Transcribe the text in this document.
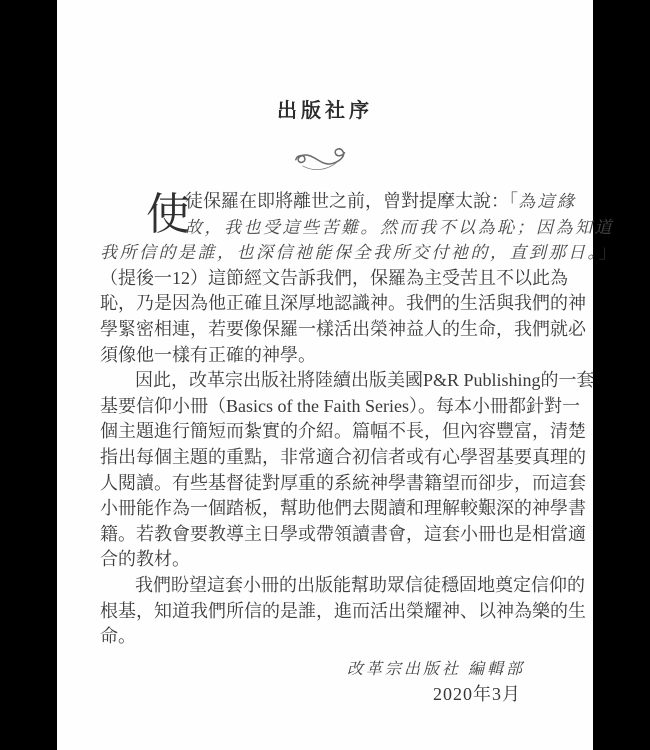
出版社序
使
徒保羅在即將離世之前，曾對提摩太說：「為這緣
故，我也受這些苦難。然而我不以為恥；因為知道
我所信的是誰，也深信祂能保全我所交付祂的，直到那日。」
（提後一12）這節經文告訴我們，保羅為主受苦且不以此為
恥，乃是因為他正確且深厚地認識神。我們的生活與我們的神
學緊密相連，若要像保羅一樣活出榮神益人的生命，我們就必
須像他一樣有正確的神學。
因此，改革宗出版社將陸續出版美國P&R Publishing的一套
基要信仰小冊（Basics of the Faith Series）。每本小冊都針對一
個主題進行簡短而紮實的介紹。篇幅不長，但內容豐富，清楚
指出每個主題的重點，非常適合初信者或有心學習基要真理的
人閱讀。有些基督徒對厚重的系統神學書籍望而卻步，而這套
小冊能作為一個踏板，幫助他們去閱讀和理解較艱深的神學書
籍。若教會要教導主日學或帶領讀書會，這套小冊也是相當適
合的教材。
我們盼望這套小冊的出版能幫助眾信徒穩固地奠定信仰的
根基，知道我們所信的是誰，進而活出榮耀神、以神為樂的生
命。
改革宗出版社 編輯部
2020年3月
